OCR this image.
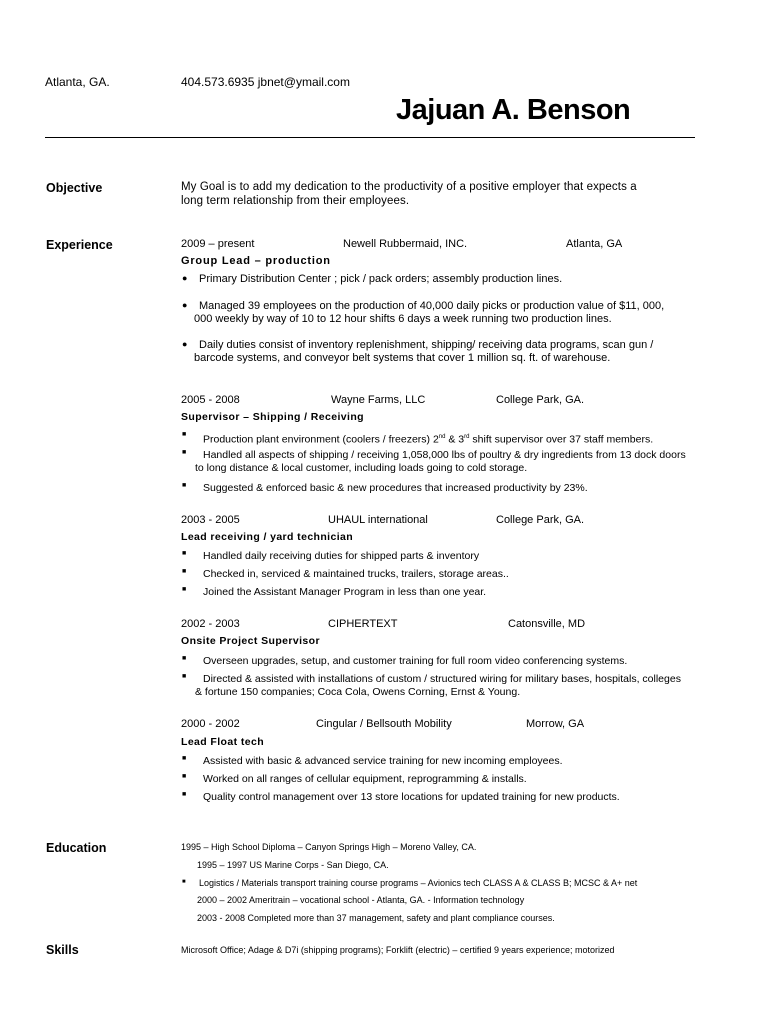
Atlanta, GA.	404.573.6935 jbnet@ymail.com
Jajuan A. Benson
Objective	My Goal is to add my dedication to the productivity of a positive employer that expects a
long term relationship from their employees.
Experience	2009 – present	Newell Rubbermaid, INC.	Atlanta, GA
Group Lead – production
● Primary Distribution Center ; pick / pack orders; assembly production lines.
● Managed 39 employees on the production of 40,000 daily picks or production value of $11, 000,
000 weekly by way of 10 to 12 hour shifts 6 days a week running two production lines.
● Daily duties consist of inventory replenishment, shipping/ receiving data programs, scan gun /
barcode systems, and conveyor belt systems that cover 1 million sq. ft. of warehouse.
2005 - 2008	Wayne Farms, LLC	College Park, GA.
Supervisor – Shipping / Receiving
■ Production plant environment (coolers / freezers) 2nd & 3rd shift supervisor over 37 staff members.
■ Handled all aspects of shipping / receiving 1,058,000 lbs of poultry & dry ingredients from 13 dock doors
to long distance & local customer, including loads going to cold storage.
■ Suggested & enforced basic & new procedures that increased productivity by 23%.
2003 - 2005	UHAUL international	College Park, GA.
Lead receiving / yard technician
■ Handled daily receiving duties for shipped parts & inventory
■ Checked in, serviced & maintained trucks, trailers, storage areas..
■ Joined the Assistant Manager Program in less than one year.
2002 - 2003	CIPHERTEXT	Catonsville, MD
Onsite Project Supervisor
■ Overseen upgrades, setup, and customer training for full room video conferencing systems.
■ Directed & assisted with installations of custom / structured wiring for military bases, hospitals, colleges
& fortune 150 companies; Coca Cola, Owens Corning, Ernst & Young.
2000 - 2002	Cingular / Bellsouth Mobility	Morrow, GA
Lead Float tech
■ Assisted with basic & advanced service training for new incoming employees.
■ Worked on all ranges of cellular equipment, reprogramming & installs.
■ Quality control management over 13 store locations for updated training for new products.
Education	1995 – High School Diploma – Canyon Springs High – Moreno Valley, CA.
1995 – 1997 US Marine Corps - San Diego, CA.
■ Logistics / Materials transport training course programs – Avionics tech CLASS A & CLASS B; MCSC & A+ net
2000 – 2002 Ameritrain – vocational school - Atlanta, GA. - Information technology
2003 - 2008 Completed more than 37 management, safety and plant compliance courses.
Skills	Microsoft Office; Adage & D7i (shipping programs); Forklift (electric) – certified 9 years experience; motorized
